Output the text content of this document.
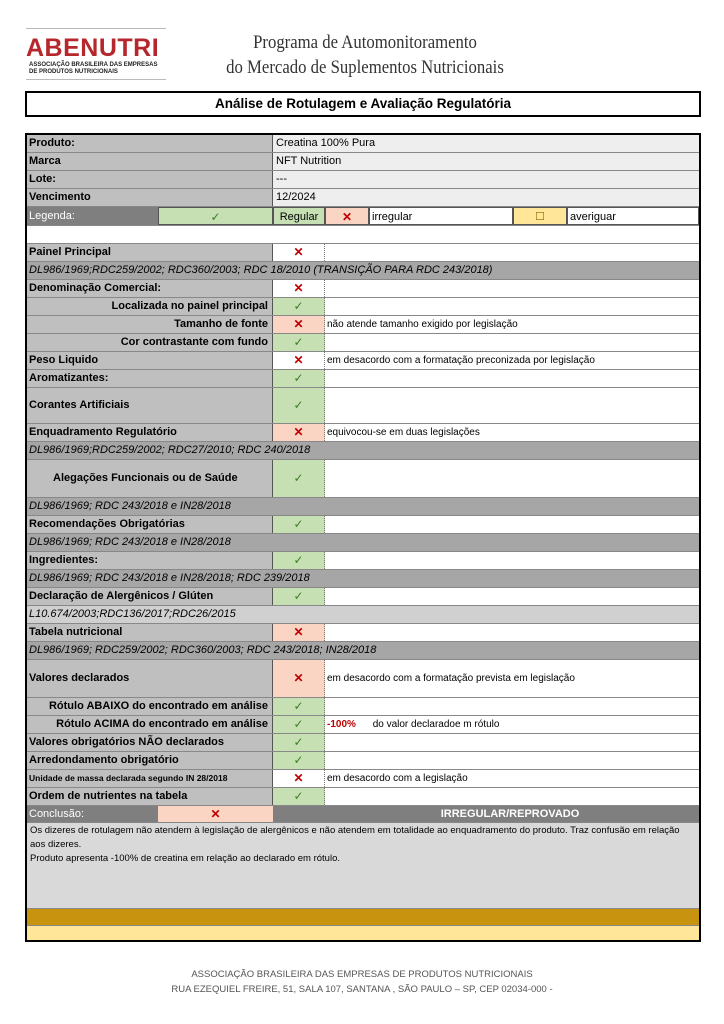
ABENUTRI
ASSOCIAÇÃO BRASILEIRA DAS EMPRESAS
DE PRODUTOS NUTRICIONAIS
Programa de Automonitoramento
do Mercado de Suplementos Nutricionais
Análise de Rotulagem e Avaliação Regulatória
Produto:	Creatina 100% Pura
Marca	NFT Nutrition
Lote:	---
Vencimento	12/2024
Legenda:	✓	Regular	✕	irregular	☐	averiguar
Painel Principal	✕
DL986/1969;RDC259/2002; RDC360/2003; RDC 18/2010 (TRANSIÇÃO PARA RDC 243/2018)
Denominação Comercial:	✕
Localizada no painel principal	✓
Tamanho de fonte	✕	não atende tamanho exigido por legislação
Cor contrastante com fundo	✓
Peso Liquido	✕	em desacordo com a formatação preconizada por legislação
Aromatizantes:	✓
Corantes Artificiais	✓
Enquadramento Regulatório	✕	equivocou-se em duas legislações
DL986/1969;RDC259/2002; RDC27/2010; RDC 240/2018
Alegações Funcionais ou de Saúde	✓
DL986/1969; RDC 243/2018 e IN28/2018
Recomendações Obrigatórias	✓
DL986/1969; RDC 243/2018 e IN28/2018
Ingredientes:	✓
DL986/1969; RDC 243/2018 e IN28/2018; RDC 239/2018
Declaração de Alergênicos / Glúten	✓
L10.674/2003;RDC136/2017;RDC26/2015
Tabela nutricional	✕
DL986/1969; RDC259/2002; RDC360/2003; RDC 243/2018; IN28/2018
Valores declarados	✕	em desacordo com a formatação prevista em legislação
Rótulo ABAIXO do encontrado em análise	✓
Rótulo ACIMA do encontrado em análise	✓	-100% do valor declaradoe m rótulo
Valores obrigatórios NÃO declarados	✓
Arredondamento obrigatório	✓
Unidade de massa declarada segundo IN 28/2018	✕	em desacordo com a legislação
Ordem de nutrientes na tabela	✓
Conclusão:	✕	IRREGULAR/REPROVADO
Os dizeres de rotulagem não atendem à legislação de alergênicos e não atendem em totalidade ao enquadramento do produto. Traz confusão em relação aos dizeres.
Produto apresenta -100% de creatina em relação ao declarado em rótulo.
ASSOCIAÇÃO BRASILEIRA DAS EMPRESAS DE PRODUTOS NUTRICIONAIS
RUA EZEQUIEL FREIRE, 51, SALA 107, SANTANA , SÃO PAULO – SP, CEP 02034-000 -
